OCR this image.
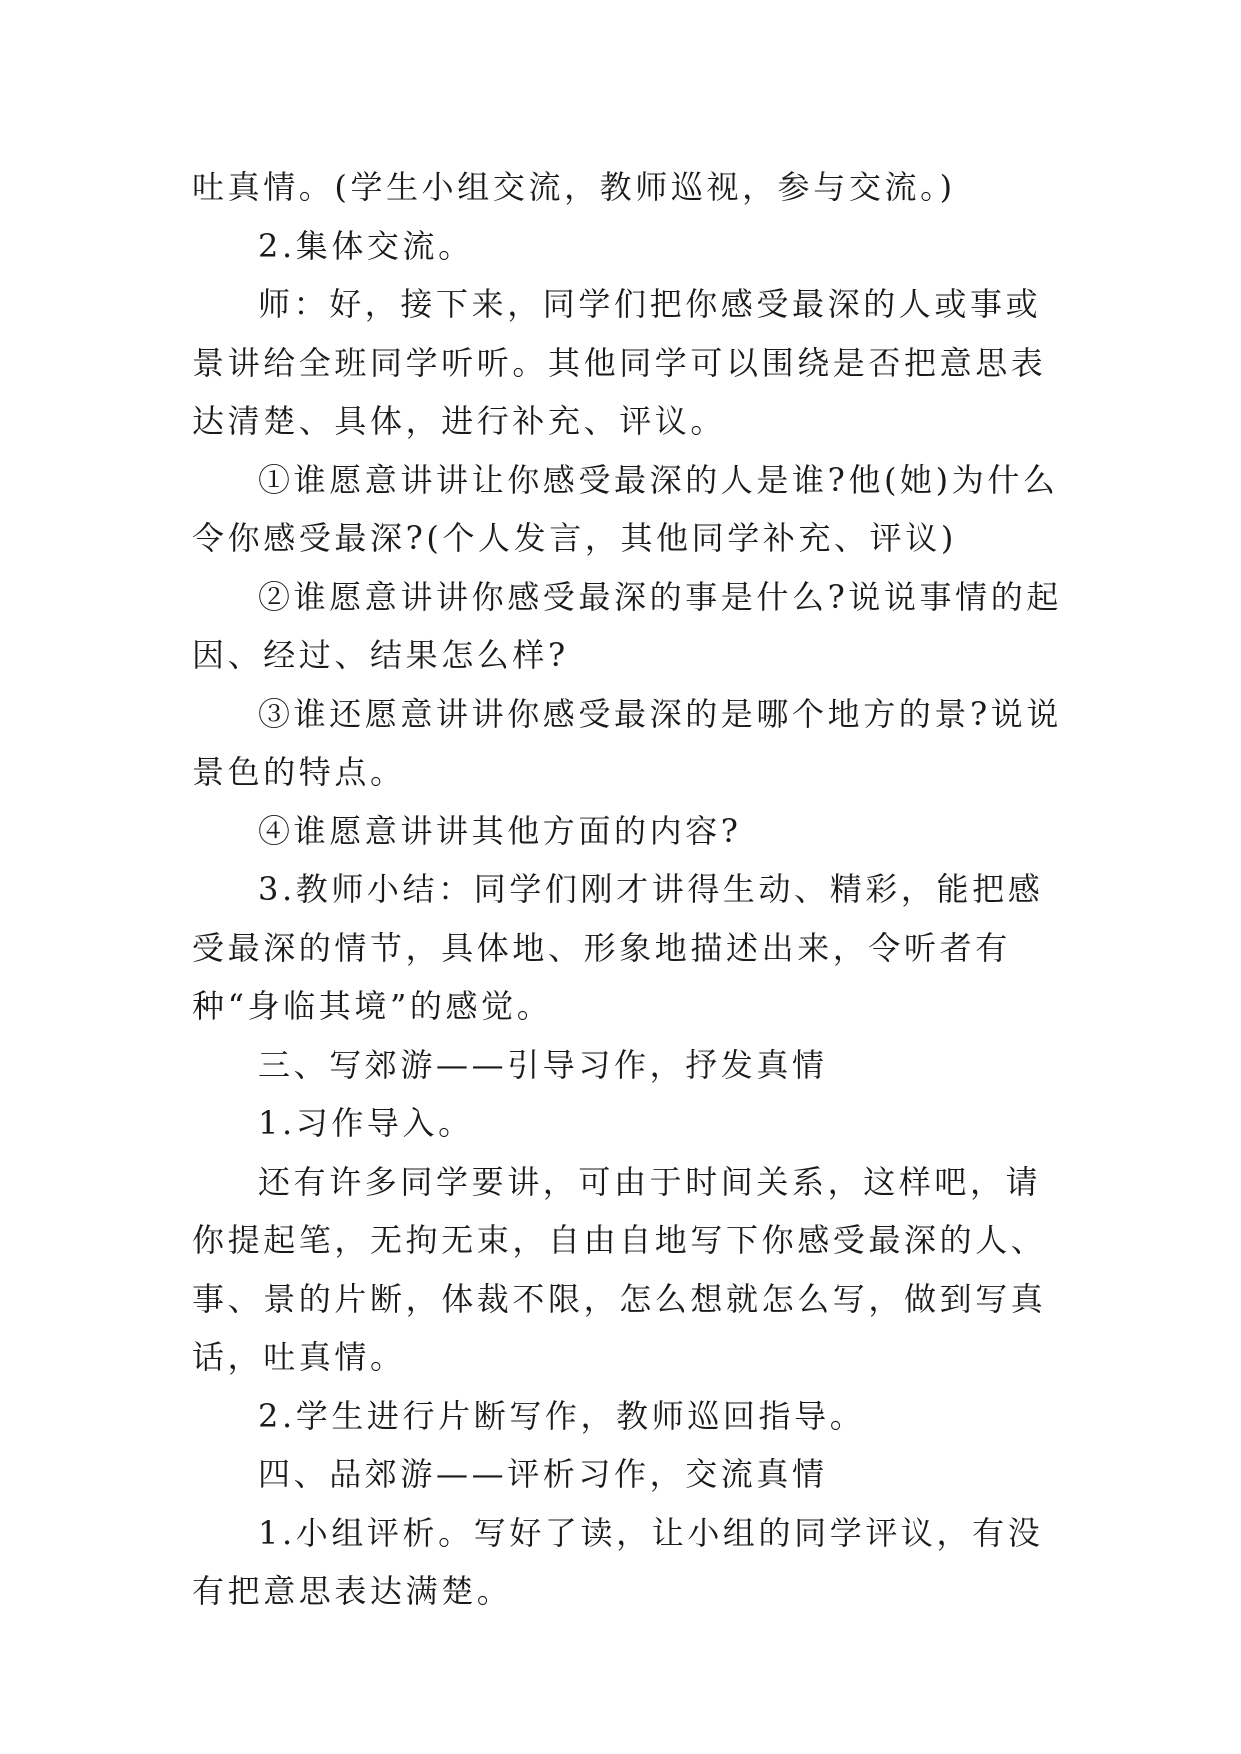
吐真情。(学生小组交流，教师巡视，参与交流。)

2.集体交流。

师：好，接下来，同学们把你感受最深的人或事或景讲给全班同学听听。其他同学可以围绕是否把意思表达清楚、具体，进行补充、评议。

①谁愿意讲讲让你感受最深的人是谁?他(她)为什么令你感受最深?(个人发言，其他同学补充、评议)

②谁愿意讲讲你感受最深的事是什么?说说事情的起因、经过、结果怎么样?

③谁还愿意讲讲你感受最深的是哪个地方的景?说说景色的特点。

④谁愿意讲讲其他方面的内容?

3.教师小结：同学们刚才讲得生动、精彩，能把感受最深的情节，具体地、形象地描述出来，令听者有种“身临其境”的感觉。

三、写郊游——引导习作，抒发真情

1.习作导入。

还有许多同学要讲，可由于时间关系，这样吧，请你提起笔，无拘无束，自由自地写下你感受最深的人、事、景的片断，体裁不限，怎么想就怎么写，做到写真话，吐真情。

2.学生进行片断写作，教师巡回指导。

四、品郊游——评析习作，交流真情

1.小组评析。写好了读，让小组的同学评议，有没有把意思表达满楚。
